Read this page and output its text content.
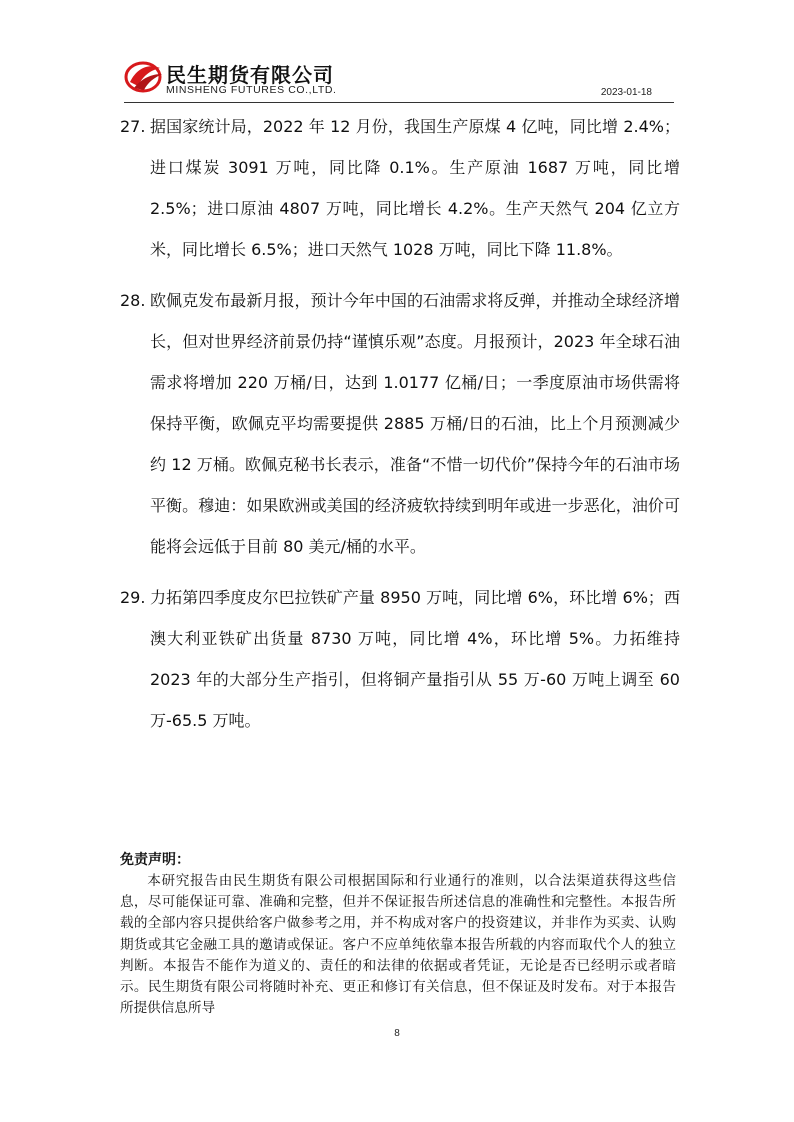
民生期货有限公司
MINSHENG FUTURES CO.,LTD.	2023-01-18
27. 据国家统计局，2022 年 12 月份，我国生产原煤 4 亿吨，同比增 2.4%；进口煤炭 3091 万吨，同比降 0.1%。生产原油 1687 万吨，同比增 2.5%；进口原油 4807 万吨，同比增长 4.2%。生产天然气 204 亿立方米，同比增长 6.5%；进口天然气 1028 万吨，同比下降 11.8%。
28. 欧佩克发布最新月报，预计今年中国的石油需求将反弹，并推动全球经济增长，但对世界经济前景仍持“谨慎乐观”态度。月报预计，2023 年全球石油需求将增加 220 万桶/日，达到 1.0177 亿桶/日；一季度原油市场供需将保持平衡，欧佩克平均需要提供 2885 万桶/日的石油，比上个月预测减少约 12 万桶。欧佩克秘书长表示，准备“不惜一切代价”保持今年的石油市场平衡。穆迪：如果欧洲或美国的经济疲软持续到明年或进一步恶化，油价可能将会远低于目前 80 美元/桶的水平。
29. 力拓第四季度皮尔巴拉铁矿产量 8950 万吨，同比增 6%，环比增 6%；西澳大利亚铁矿出货量 8730 万吨，同比增 4%，环比增 5%。力拓维持 2023 年的大部分生产指引，但将铜产量指引从 55 万-60 万吨上调至 60 万-65.5 万吨。
免责声明：

本研究报告由民生期货有限公司根据国际和行业通行的准则，以合法渠道获得这些信息，尽可能保证可靠、准确和完整，但并不保证报告所述信息的准确性和完整性。本报告所载的全部内容只提供给客户做参考之用，并不构成对客户的投资建议，并非作为买卖、认购期货或其它金融工具的邀请或保证。客户不应单纯依靠本报告所载的内容而取代个人的独立判断。本报告不能作为道义的、责任的和法律的依据或者凭证，无论是否已经明示或者暗示。民生期货有限公司将随时补充、更正和修订有关信息，但不保证及时发布。对于本报告所提供信息所导

8
